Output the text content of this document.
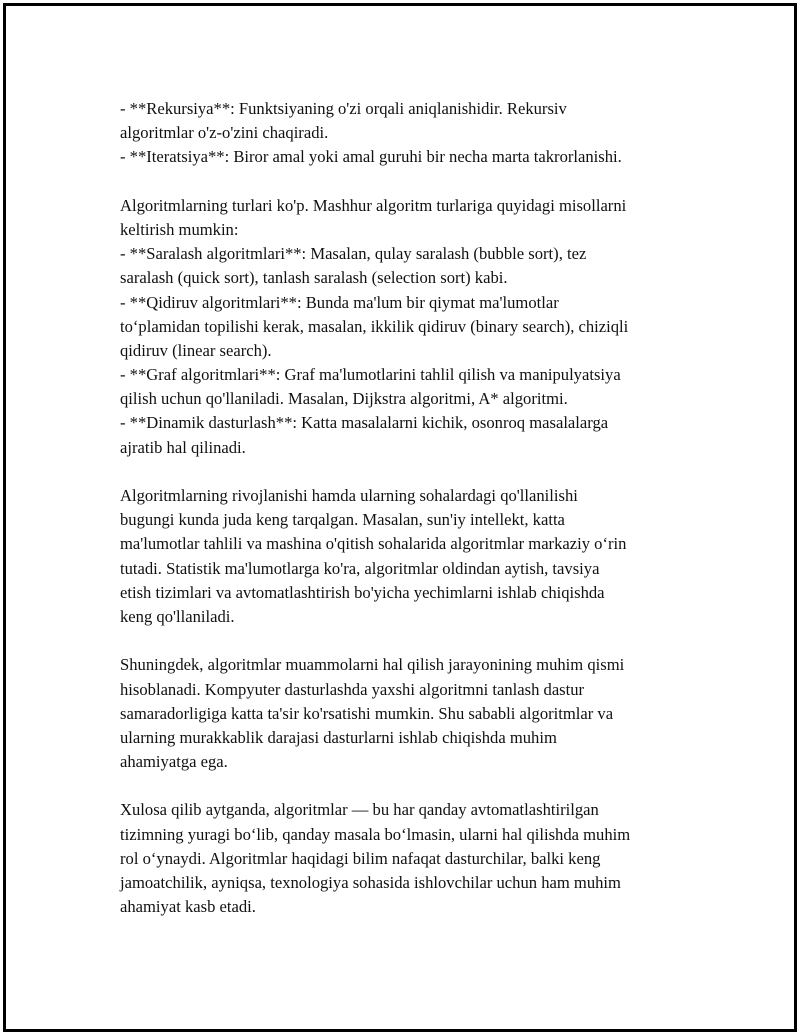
- **Rekursiya**: Funktsiyaning o'zi orqali aniqlanishidir. Rekursiv
algoritmlar o'z-o'zini chaqiradi.
- **Iteratsiya**: Biror amal yoki amal guruhi bir necha marta takrorlanishi.
Algoritmlarning turlari ko'p. Mashhur algoritm turlariga quyidagi misollarni
keltirish mumkin:
- **Saralash algoritmlari**: Masalan, qulay saralash (bubble sort), tez
saralash (quick sort), tanlash saralash (selection sort) kabi.
- **Qidiruv algoritmlari**: Bunda ma'lum bir qiymat ma'lumotlar
to‘plamidan topilishi kerak, masalan, ikkilik qidiruv (binary search), chiziqli
qidiruv (linear search).
- **Graf algoritmlari**: Graf ma'lumotlarini tahlil qilish va manipulyatsiya
qilish uchun qo'llaniladi. Masalan, Dijkstra algoritmi, A* algoritmi.
- **Dinamik dasturlash**: Katta masalalarni kichik, osonroq masalalarga
ajratib hal qilinadi.
Algoritmlarning rivojlanishi hamda ularning sohalardagi qo'llanilishi
bugungi kunda juda keng tarqalgan. Masalan, sun'iy intellekt, katta
ma'lumotlar tahlili va mashina o'qitish sohalarida algoritmlar markaziy o‘rin
tutadi. Statistik ma'lumotlarga ko'ra, algoritmlar oldindan aytish, tavsiya
etish tizimlari va avtomatlashtirish bo'yicha yechimlarni ishlab chiqishda
keng qo'llaniladi.
Shuningdek, algoritmlar muammolarni hal qilish jarayonining muhim qismi
hisoblanadi. Kompyuter dasturlashda yaxshi algoritmni tanlash dastur
samaradorligiga katta ta'sir ko'rsatishi mumkin. Shu sababli algoritmlar va
ularning murakkablik darajasi dasturlarni ishlab chiqishda muhim
ahamiyatga ega.
Xulosa qilib aytganda, algoritmlar — bu har qanday avtomatlashtirilgan
tizimning yuragi bo‘lib, qanday masala bo‘lmasin, ularni hal qilishda muhim
rol o‘ynaydi. Algoritmlar haqidagi bilim nafaqat dasturchilar, balki keng
jamoatchilik, ayniqsa, texnologiya sohasida ishlovchilar uchun ham muhim
ahamiyat kasb etadi.
